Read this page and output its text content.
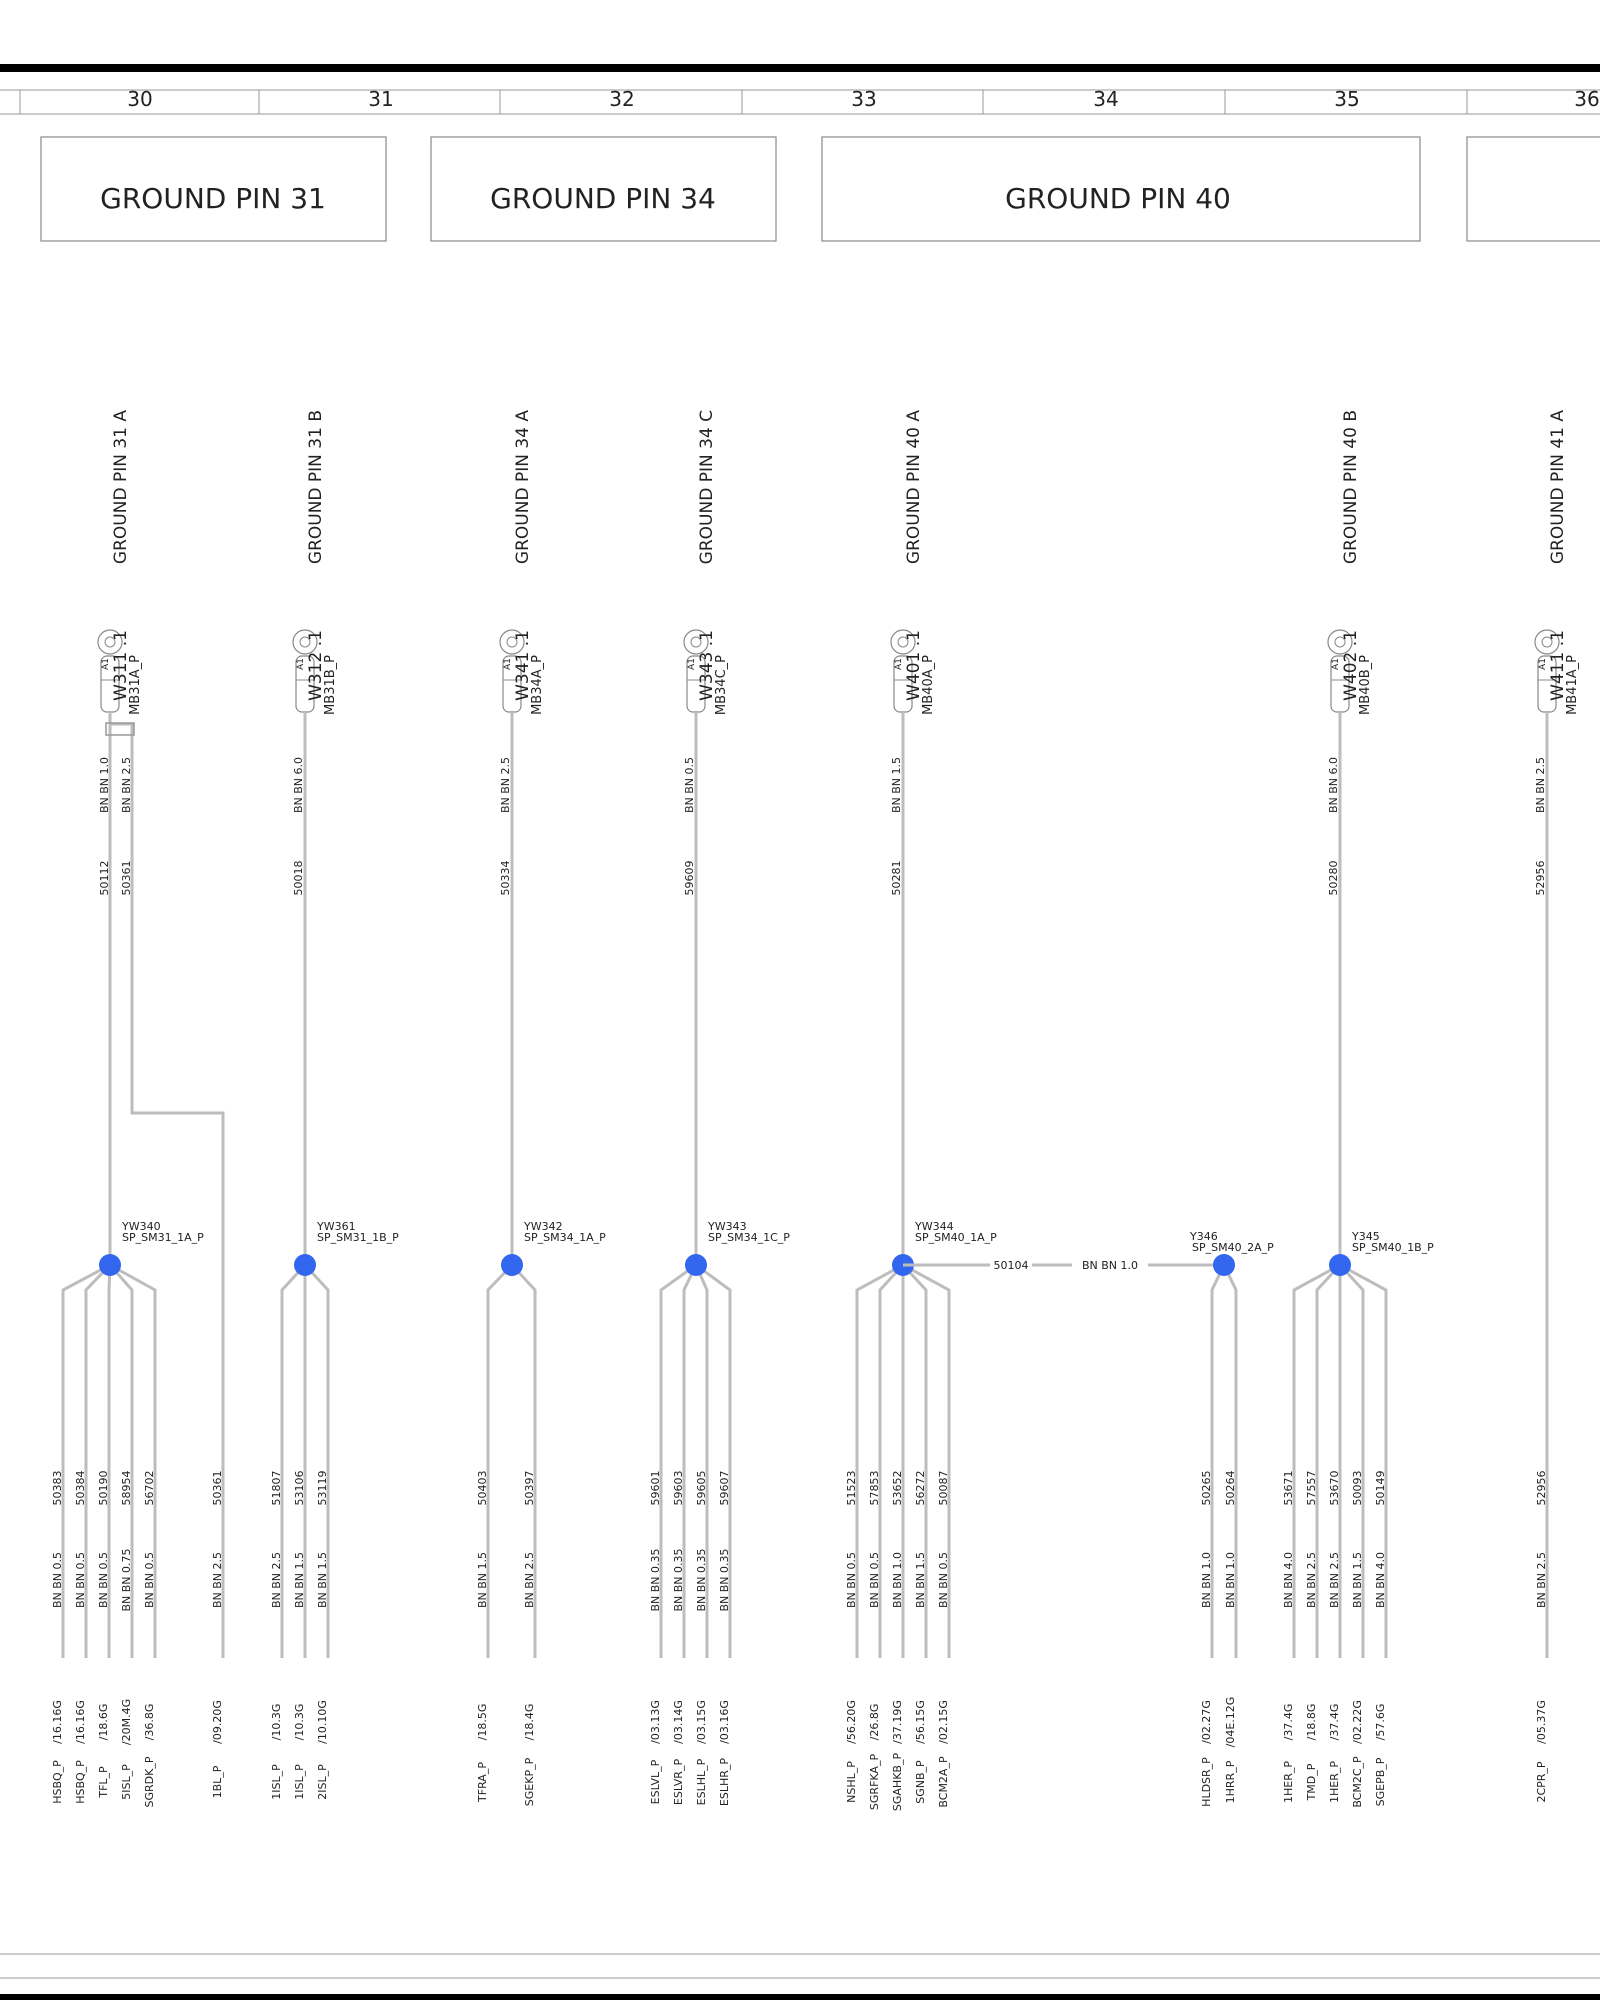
30	31	32	33	34	35	36
GROUND PIN 31	GROUND PIN 34	GROUND PIN 40
GROUND PIN 31 A
W311 .1
MB31A_P
A1
BN BN 1.0 BN BN 2.5
50112 50361
50383
BN BN 0.5
/16.16G
HSBQ_P
50384
BN BN 0.5
/16.16G
HSBQ_P
50190
BN BN 0.5
/18.6G
TFL_P
58954
BN BN 0.75
/20M.4G
5ISL_P
56702
BN BN 0.5
/36.8G
SGRDK_P
50361
BN BN 2.5
/09.20G
1BL_P
YW340
SP_SM31_1A_P
GROUND PIN 31 B
W312 .1
MB31B_P
A1
BN BN 6.0
50018
51807
BN BN 2.5
/10.3G
1ISL_P
53106
BN BN 1.5
/10.3G
1ISL_P
53119
BN BN 1.5
/10.10G
2ISL_P
YW361
SP_SM31_1B_P
GROUND PIN 34 A
W341 .1
MB34A_P
A1
BN BN 2.5
50334
50403
BN BN 1.5
/18.5G
TFRA_P
50397
BN BN 2.5
/18.4G
SGEKP_P
YW342
SP_SM34_1A_P
GROUND PIN 34 C
W343 .1
MB34C_P
A1
BN BN 0.5
59609
59601
BN BN 0.35
/03.13G
ESLVL_P
59603
BN BN 0.35
/03.14G
ESLVR_P
59605
BN BN 0.35
/03.15G
ESLHL_P
59607
BN BN 0.35
/03.16G
ESLHR_P
YW343
SP_SM34_1C_P
GROUND PIN 40 A
W401 .1
MB40A_P
A1
BN BN 1.5
50281
51523
BN BN 0.5
/56.20G
NSHL_P
57853
BN BN 0.5
/26.8G
SGRFKA_P
53652
BN BN 1.0
/37.19G
SGAHKB_P
56272
BN BN 1.5
/56.15G
SGNB_P
50087
BN BN 0.5
/02.15G
BCM2A_P
YW344
SP_SM40_1A_P
GROUND PIN 40 B
W402 .1
MB40B_P
A1
BN BN 6.0
50280
53671
BN BN 4.0
/37.4G
1HER_P
57557
BN BN 2.5
/18.8G
TMD_P
53670
BN BN 2.5
/37.4G
1HER_P
50093
BN BN 1.5
/02.22G
BCM2C_P
50149
BN BN 4.0
/57.6G
SGEPB_P
Y345
SP_SM40_1B_P
GROUND PIN 41 A
W411 .1
MB41A_P
A1
BN BN 2.5
52956
52956
BN BN 2.5
/05.37G
2CPR_P
50104	BN BN 1.0
50265
BN BN 1.0
/02.27G
HLDSR_P
50264
BN BN 1.0
/04E.12G
1HRR_P
Y346
SP_SM40_2A_P
